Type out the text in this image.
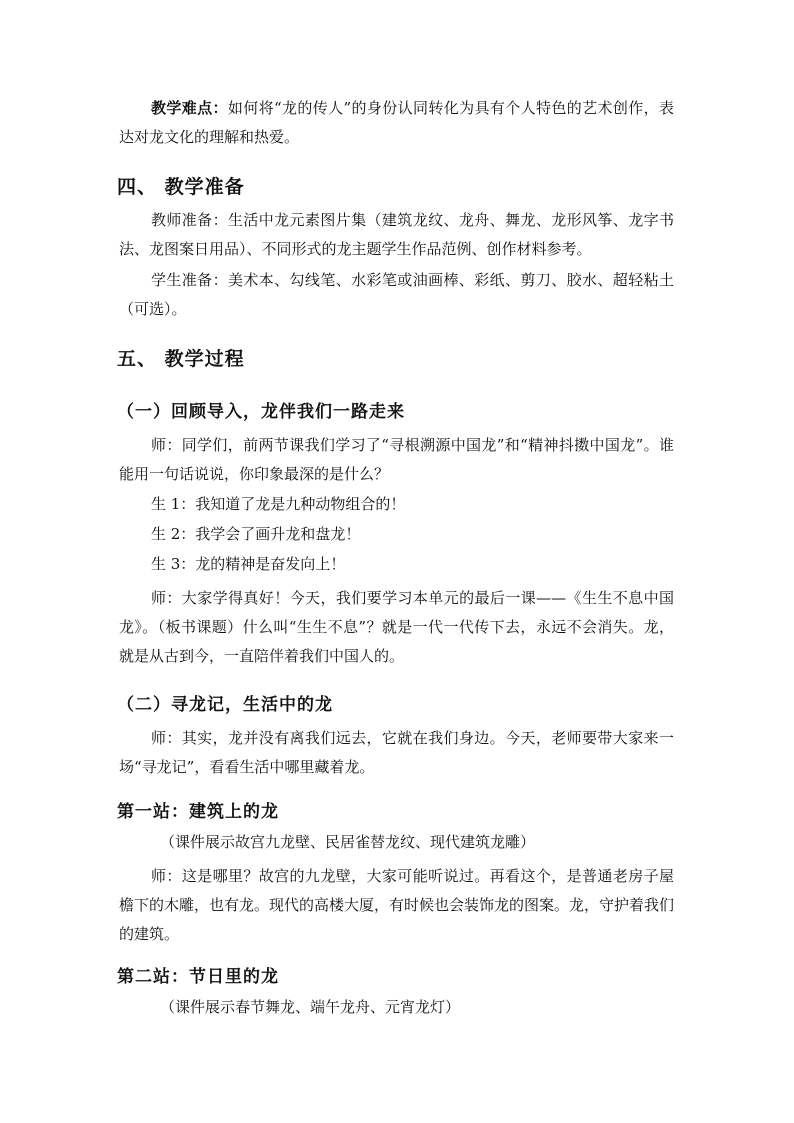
教学难点：如何将“龙的传人”的身份认同转化为具有个人特色的艺术创作，表达对龙文化的理解和热爱。
四、 教学准备
教师准备：生活中龙元素图片集（建筑龙纹、龙舟、舞龙、龙形风筝、龙字书法、龙图案日用品）、不同形式的龙主题学生作品范例、创作材料参考。
学生准备：美术本、勾线笔、水彩笔或油画棒、彩纸、剪刀、胶水、超轻粘土（可选）。
五、 教学过程
（一）回顾导入，龙伴我们一路走来
师：同学们，前两节课我们学习了“寻根溯源中国龙”和“精神抖擞中国龙”。谁能用一句话说说，你印象最深的是什么？
生 1：我知道了龙是九种动物组合的！
生 2：我学会了画升龙和盘龙！
生 3：龙的精神是奋发向上！
师：大家学得真好！今天，我们要学习本单元的最后一课——《生生不息中国龙》。（板书课题）什么叫“生生不息”？就是一代一代传下去，永远不会消失。龙，就是从古到今，一直陪伴着我们中国人的。
（二）寻龙记，生活中的龙
师：其实，龙并没有离我们远去，它就在我们身边。今天，老师要带大家来一场“寻龙记”，看看生活中哪里藏着龙。
第一站：建筑上的龙
（课件展示故宫九龙壁、民居雀替龙纹、现代建筑龙雕）
师：这是哪里？故宫的九龙壁，大家可能听说过。再看这个，是普通老房子屋檐下的木雕，也有龙。现代的高楼大厦，有时候也会装饰龙的图案。龙，守护着我们的建筑。
第二站：节日里的龙
（课件展示春节舞龙、端午龙舟、元宵龙灯）
